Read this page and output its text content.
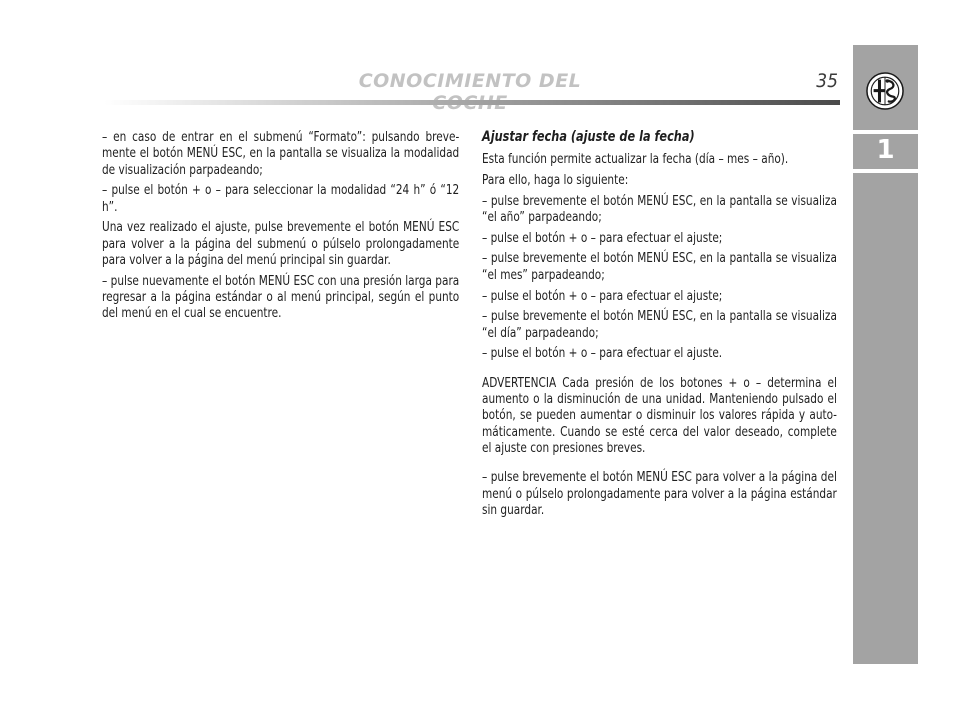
CONOCIMIENTO DEL	35
1

– en caso de entrar en el submenú “Formato”: pulsando brevemente el botón MENÚ ESC, en la pantalla se visualiza la modalidad de visualización parpadeando;

– pulse el botón + o – para seleccionar la modalidad “24 h” ó “12 h”.

Una vez realizado el ajuste, pulse brevemente el botón MENÚ ESC para volver a la página del submenú o púlselo prolongadamente para volver a la página del menú principal sin guardar.

– pulse nuevamente el botón MENÚ ESC con una presión larga para regresar a la página estándar o al menú principal, según el punto del menú en el cual se encuentre.

Ajustar fecha (ajuste de la fecha)

Esta función permite actualizar la fecha (día – mes – año).

Para ello, haga lo siguiente:

– pulse brevemente el botón MENÚ ESC, en la pantalla se visualiza “el año” parpadeando;

– pulse el botón + o – para efectuar el ajuste;

– pulse brevemente el botón MENÚ ESC, en la pantalla se visualiza “el mes” parpadeando;

– pulse el botón + o – para efectuar el ajuste;

– pulse brevemente el botón MENÚ ESC, en la pantalla se visualiza “el día” parpadeando;

– pulse el botón + o – para efectuar el ajuste.

ADVERTENCIA Cada presión de los botones + o – determina el aumento o la disminución de una unidad. Manteniendo pulsado el botón, se pueden aumentar o disminuir los valores rápida y automáticamente. Cuando se esté cerca del valor deseado, complete el ajuste con presiones breves.

– pulse brevemente el botón MENÚ ESC para volver a la página del menú o púlselo prolongadamente para volver a la página estándar sin guardar.
